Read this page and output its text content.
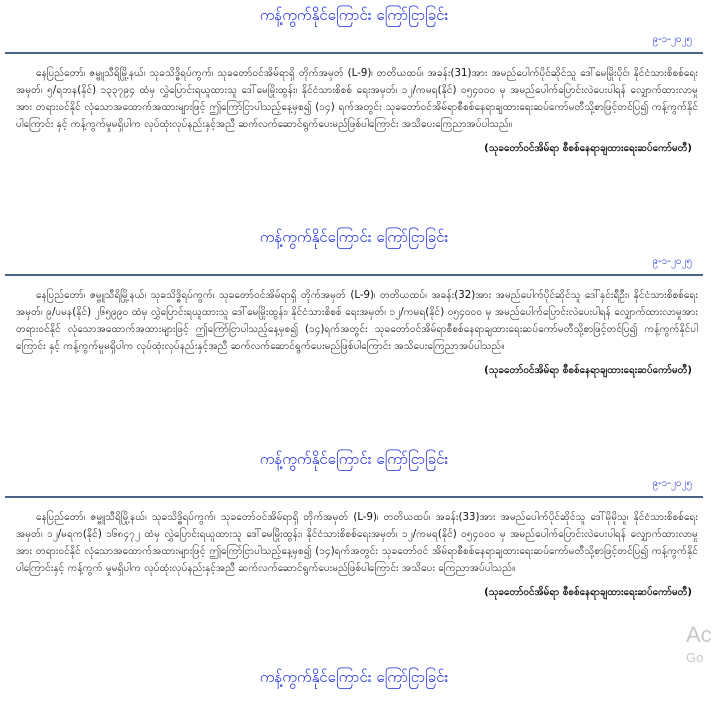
ကန့်ကွက်နိုင်ကြောင်း ကြော်ငြာခြင်း
၉-၁-၂၀၂၅
နေပြည်တော်၊ ဇမ္ဗူသီရိမြို့နယ်၊ သုခသိဒ္ဓိရပ်ကွက်၊ သုခတော်ဝင်အိမ်ရာရှိ တိုက်အမှတ် (L-9)၊ တတိယထပ်၊ အခန်း(31)အား အမည်ပေါက်ပိုင်ဆိုင်သူ ဒေါ်မေမြိုးပိုင်၊ နိုင်ငံသားစိစစ်ရေး အမှတ်၊ ၅/ရဘန(နိုင်) ၁၃၃၇၉၄ ထံမှ လွှဲပြောင်းရယူထားသူ ဒေါ်မေမြိုးထွန်း၊ နိုင်ငံသားစိစစ် ရေးအမှတ်၊ ၁၂/ကမရ(နိုင်) ၀၅၄၀၀၀ မှ အမည်ပေါက်ပြောင်းလဲပေးပါရန် လျှောက်ထားလာမှုအား တရားဝင်နိုင် လုံသောအထောက်အထားများဖြင့် ဤကြော်ငြာပါသည့်နေ့မှစ၍ (၁၄) ရက်အတွင်း သုခတော်ဝင်အိမ်ရာစီစစ်နေရာချထားရေးဆပ်ကော်မတီသို့စာဖြင့်တင်ပြ၍ ကန့်ကွက်နိုင်ပါကြောင်း နှင့် ကန့်ကွက်မှုမရှိပါက လုပ်ထုံးလုပ်နည်းနှင့်အညီ ဆက်လက်ဆောင်ရွက်ပေးမည်ဖြစ်ပါကြောင်း အသိပေးကြေညာအပ်ပါသည်။
(သုခတော်ဝင်အိမ်ရာ စီစစ်နေရာချထားရေးဆပ်ကော်မတီ)
ကန့်ကွက်နိုင်ကြောင်း ကြော်ငြာခြင်း
၉-၁-၂၀၂၅
နေပြည်တော်၊ ဇမ္ဗူသီရိမြို့နယ်၊ သုခသိဒ္ဓိရပ်ကွက်၊ သုခတော်ဝင်အိမ်ရာရှိ တိုက်အမှတ် (L-9)၊ တတိယထပ်၊ အခန်း(32)အား အမည်ပေါက်ပိုင်ဆိုင်သူ ဒေါ်နှင်းရီဦး၊ နိုင်ငံသားစိစစ်ရေး အမှတ်၊ ၉/ပမန(နိုင်) ၂၆၅၉၉၀ ထံမှ လွှဲပြောင်းရယူထားသူ ဒေါ်မေမြိုးထွန်း၊ နိုင်ငံသားစိစစ် ရေးအမှတ်၊ ၁၂/ကမရ(နိုင်) ၀၅၄၀၀၀ မှ အမည်ပေါက်ပြောင်းလဲပေးပါရန် လျှောက်ထားလာမှုအား တရားဝင်နိုင် လုံသောအထောက်အထားများဖြင့် ဤကြော်ငြာပါသည့်နေ့မှစ၍ (၁၄)ရက်အတွင်း သုခတော်ဝင်အိမ်ရာစီစစ်နေရာချထားရေးဆပ်ကော်မတီသို့စာဖြင့်တင်ပြ၍ ကန့်ကွက်နိုင်ပါကြောင်း နှင့် ကန့်ကွက်မှုမရှိပါက လုပ်ထုံးလုပ်နည်းနှင့်အညီ ဆက်လက်ဆောင်ရွက်ပေးမည်ဖြစ်ပါကြောင်း အသိပေးကြေညာအပ်ပါသည်။
(သုခတော်ဝင်အိမ်ရာ စီစစ်နေရာချထားရေးဆပ်ကော်မတီ)
ကန့်ကွက်နိုင်ကြောင်း ကြော်ငြာခြင်း
၉-၁-၂၀၂၅
နေပြည်တော်၊ ဇမ္ဗူသီရိမြို့နယ်၊ သုခသိဒ္ဓိရပ်ကွက်၊ သုခတော်ဝင်အိမ်ရာရှိ တိုက်အမှတ် (L-9)၊ တတိယထပ်၊ အခန်း(33)အား အမည်ပေါက်ပိုင်ဆိုင်သူ ဒေါ်မိုမိုသူ၊ နိုင်ငံသားစိစစ်ရေးအမှတ်၊ ၁၂/မရက(နိုင်) ၁၆၈၄၇၂ ထံမှ လွှဲပြောင်းရယူထားသူ ဒေါ်မေမြိုးထွန်း၊ နိုင်ငံသားစိစစ်ရေးအမှတ်၊ ၁၂/ကမရ(နိုင်) ၀၅၄၀၀၀ မှ အမည်ပေါက်ပြောင်းလဲပေးပါရန် လျှောက်ထားလာမှုအား တရားဝင်နိုင် လုံသောအထောက်အထားများဖြင့် ဤကြော်ငြာပါသည့်နေ့မှစ၍ (၁၄)ရက်အတွင်း သုခတော်ဝင် အိမ်ရာစီစစ်နေရာချထားရေးဆပ်ကော်မတီသို့စာဖြင့်တင်ပြ၍ ကန့်ကွက်နိုင်ပါကြောင်းနှင့် ကန့်ကွက် မှုမရှိပါက လုပ်ထုံးလုပ်နည်းနှင့်အညီ ဆက်လက်ဆောင်ရွက်ပေးမည်ဖြစ်ပါကြောင်း အသိပေး ကြေညာအပ်ပါသည်။
(သုခတော်ဝင်အိမ်ရာ စီစစ်နေရာချထားရေးဆပ်ကော်မတီ)
ကန့်ကွက်နိုင်ကြောင်း ကြော်ငြာခြင်း
Ac
Go
